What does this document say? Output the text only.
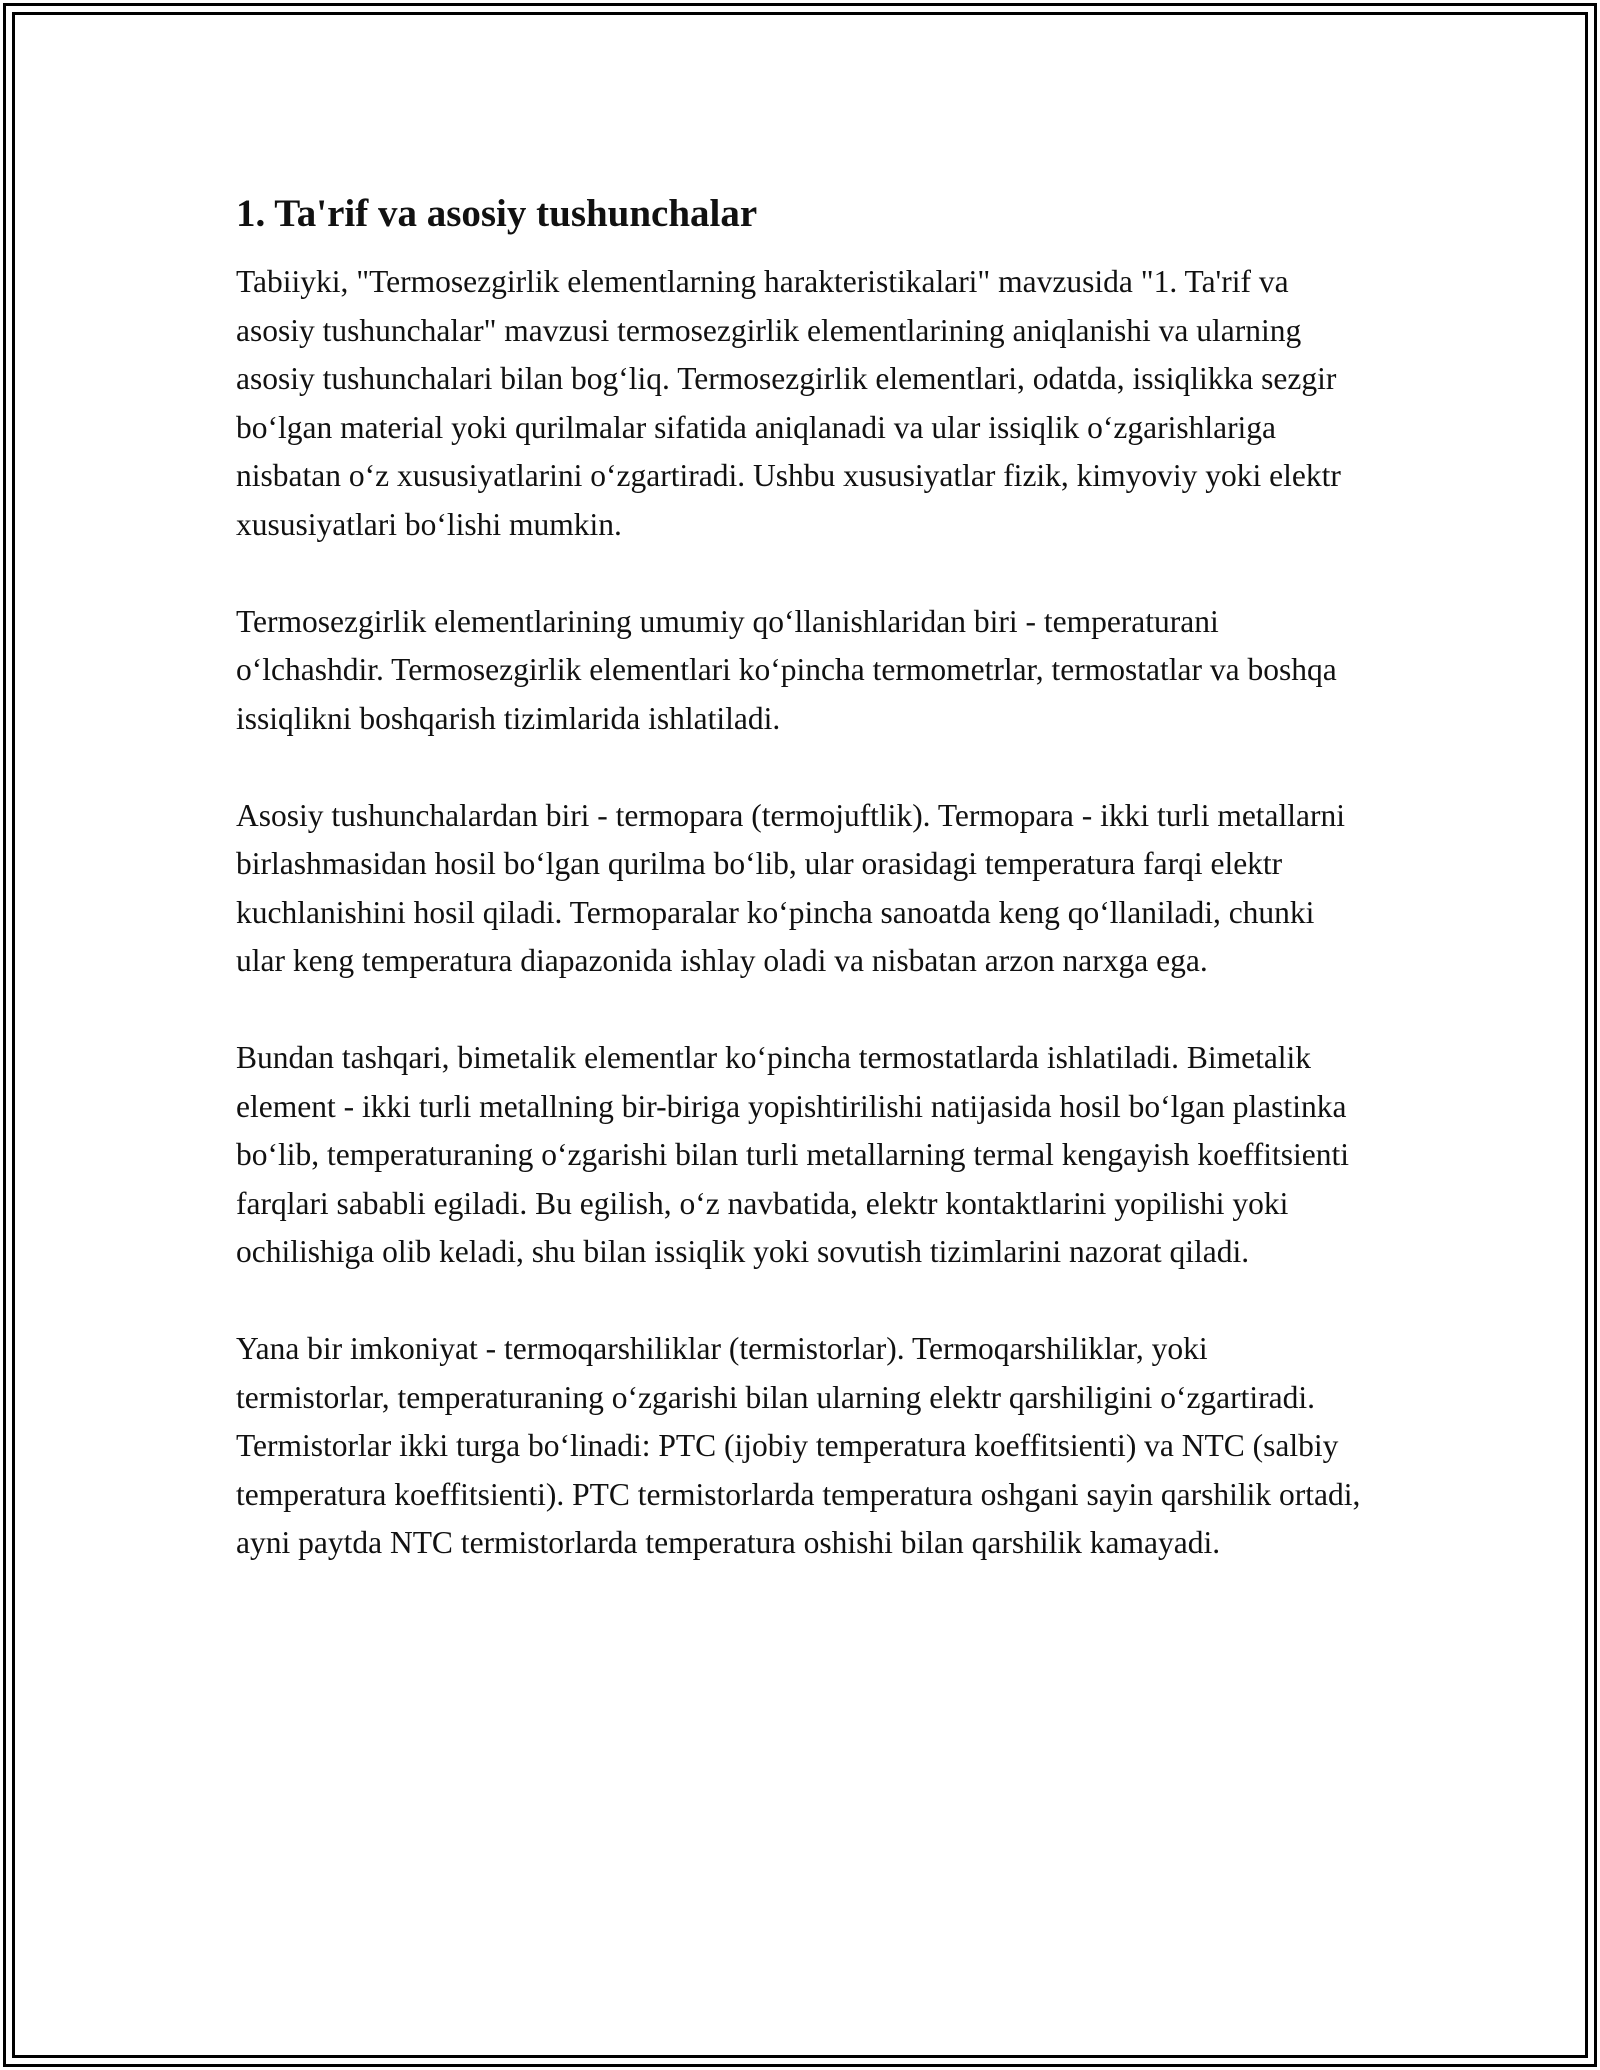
1. Ta'rif va asosiy tushunchalar

Tabiiyki, "Termosezgirlik elementlarning harakteristikalari" mavzusida "1. Ta'rif va asosiy tushunchalar" mavzusi termosezgirlik elementlarining aniqlanishi va ularning asosiy tushunchalari bilan bog‘liq. Termosezgirlik elementlari, odatda, issiqlikka sezgir bo‘lgan material yoki qurilmalar sifatida aniqlanadi va ular issiqlik o‘zgarishlariga nisbatan o‘z xususiyatlarini o‘zgartiradi. Ushbu xususiyatlar fizik, kimyoviy yoki elektr xususiyatlari bo‘lishi mumkin.

Termosezgirlik elementlarining umumiy qo‘llanishlaridan biri - temperaturani o‘lchashdir. Termosezgirlik elementlari ko‘pincha termometrlar, termostatlar va boshqa issiqlikni boshqarish tizimlarida ishlatiladi.

Asosiy tushunchalardan biri - termopara (termojuftlik). Termopara - ikki turli metallarni birlashmasidan hosil bo‘lgan qurilma bo‘lib, ular orasidagi temperatura farqi elektr kuchlanishini hosil qiladi. Termoparalar ko‘pincha sanoatda keng qo‘llaniladi, chunki ular keng temperatura diapazonida ishlay oladi va nisbatan arzon narxga ega.

Bundan tashqari, bimetalik elementlar ko‘pincha termostatlarda ishlatiladi. Bimetalik element - ikki turli metallning bir-biriga yopishtirilishi natijasida hosil bo‘lgan plastinka bo‘lib, temperaturaning o‘zgarishi bilan turli metallarning termal kengayish koeffitsienti farqlari sababli egiladi. Bu egilish, o‘z navbatida, elektr kontaktlarini yopilishi yoki ochilishiga olib keladi, shu bilan issiqlik yoki sovutish tizimlarini nazorat qiladi.

Yana bir imkoniyat - termoqarshiliklar (termistorlar). Termoqarshiliklar, yoki termistorlar, temperaturaning o‘zgarishi bilan ularning elektr qarshiligini o‘zgartiradi. Termistorlar ikki turga bo‘linadi: PTC (ijobiy temperatura koeffitsienti) va NTC (salbiy temperatura koeffitsienti). PTC termistorlarda temperatura oshgani sayin qarshilik ortadi, ayni paytda NTC termistorlarda temperatura oshishi bilan qarshilik kamayadi.
